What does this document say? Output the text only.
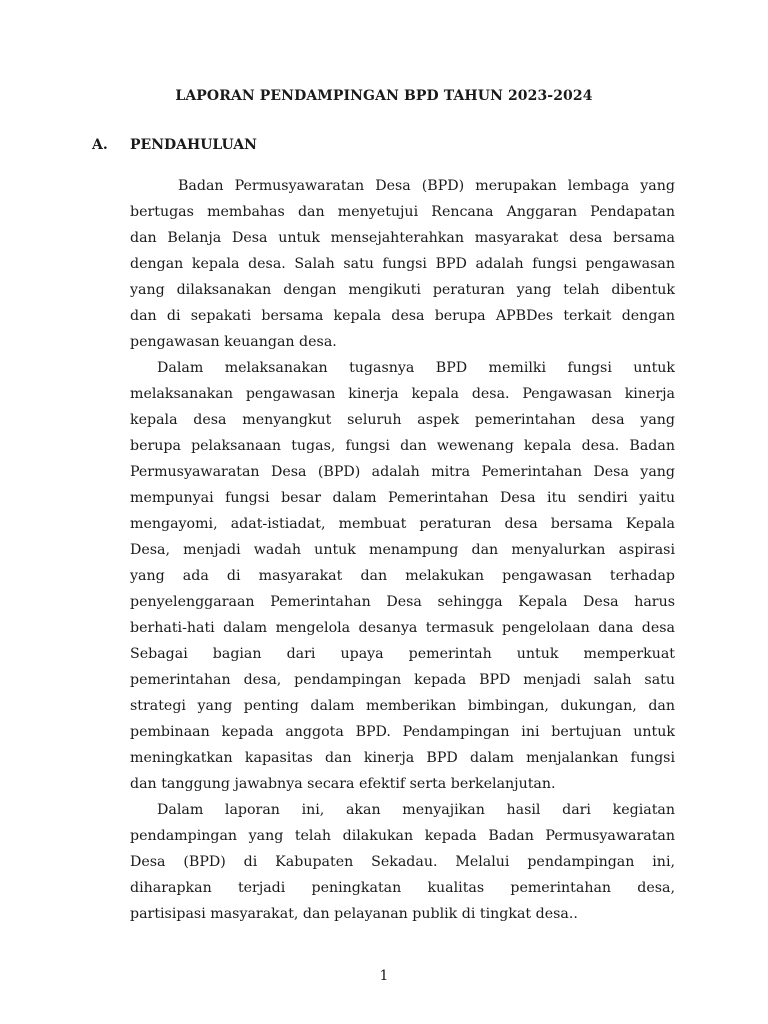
LAPORAN PENDAMPINGAN BPD TAHUN 2023-2024
A. PENDAHULUAN
Badan Permusyawaratan Desa (BPD) merupakan lembaga yang
bertugas membahas dan menyetujui Rencana Anggaran Pendapatan
dan Belanja Desa untuk mensejahterahkan masyarakat desa bersama
dengan kepala desa. Salah satu fungsi BPD adalah fungsi pengawasan
yang dilaksanakan dengan mengikuti peraturan yang telah dibentuk
dan di sepakati bersama kepala desa berupa APBDes terkait dengan
pengawasan keuangan desa.
Dalam melaksanakan tugasnya BPD memilki fungsi untuk
melaksanakan pengawasan kinerja kepala desa. Pengawasan kinerja
kepala desa menyangkut seluruh aspek pemerintahan desa yang
berupa pelaksanaan tugas, fungsi dan wewenang kepala desa. Badan
Permusyawaratan Desa (BPD) adalah mitra Pemerintahan Desa yang
mempunyai fungsi besar dalam Pemerintahan Desa itu sendiri yaitu
mengayomi, adat-istiadat, membuat peraturan desa bersama Kepala
Desa, menjadi wadah untuk menampung dan menyalurkan aspirasi
yang ada di masyarakat dan melakukan pengawasan terhadap
penyelenggaraan Pemerintahan Desa sehingga Kepala Desa harus
berhati-hati dalam mengelola desanya termasuk pengelolaan dana desa
Sebagai bagian dari upaya pemerintah untuk memperkuat
pemerintahan desa, pendampingan kepada BPD menjadi salah satu
strategi yang penting dalam memberikan bimbingan, dukungan, dan
pembinaan kepada anggota BPD. Pendampingan ini bertujuan untuk
meningkatkan kapasitas dan kinerja BPD dalam menjalankan fungsi
dan tanggung jawabnya secara efektif serta berkelanjutan.
Dalam laporan ini, akan menyajikan hasil dari kegiatan
pendampingan yang telah dilakukan kepada Badan Permusyawaratan
Desa (BPD) di Kabupaten Sekadau. Melalui pendampingan ini,
diharapkan terjadi peningkatan kualitas pemerintahan desa,
partisipasi masyarakat, dan pelayanan publik di tingkat desa..
1
